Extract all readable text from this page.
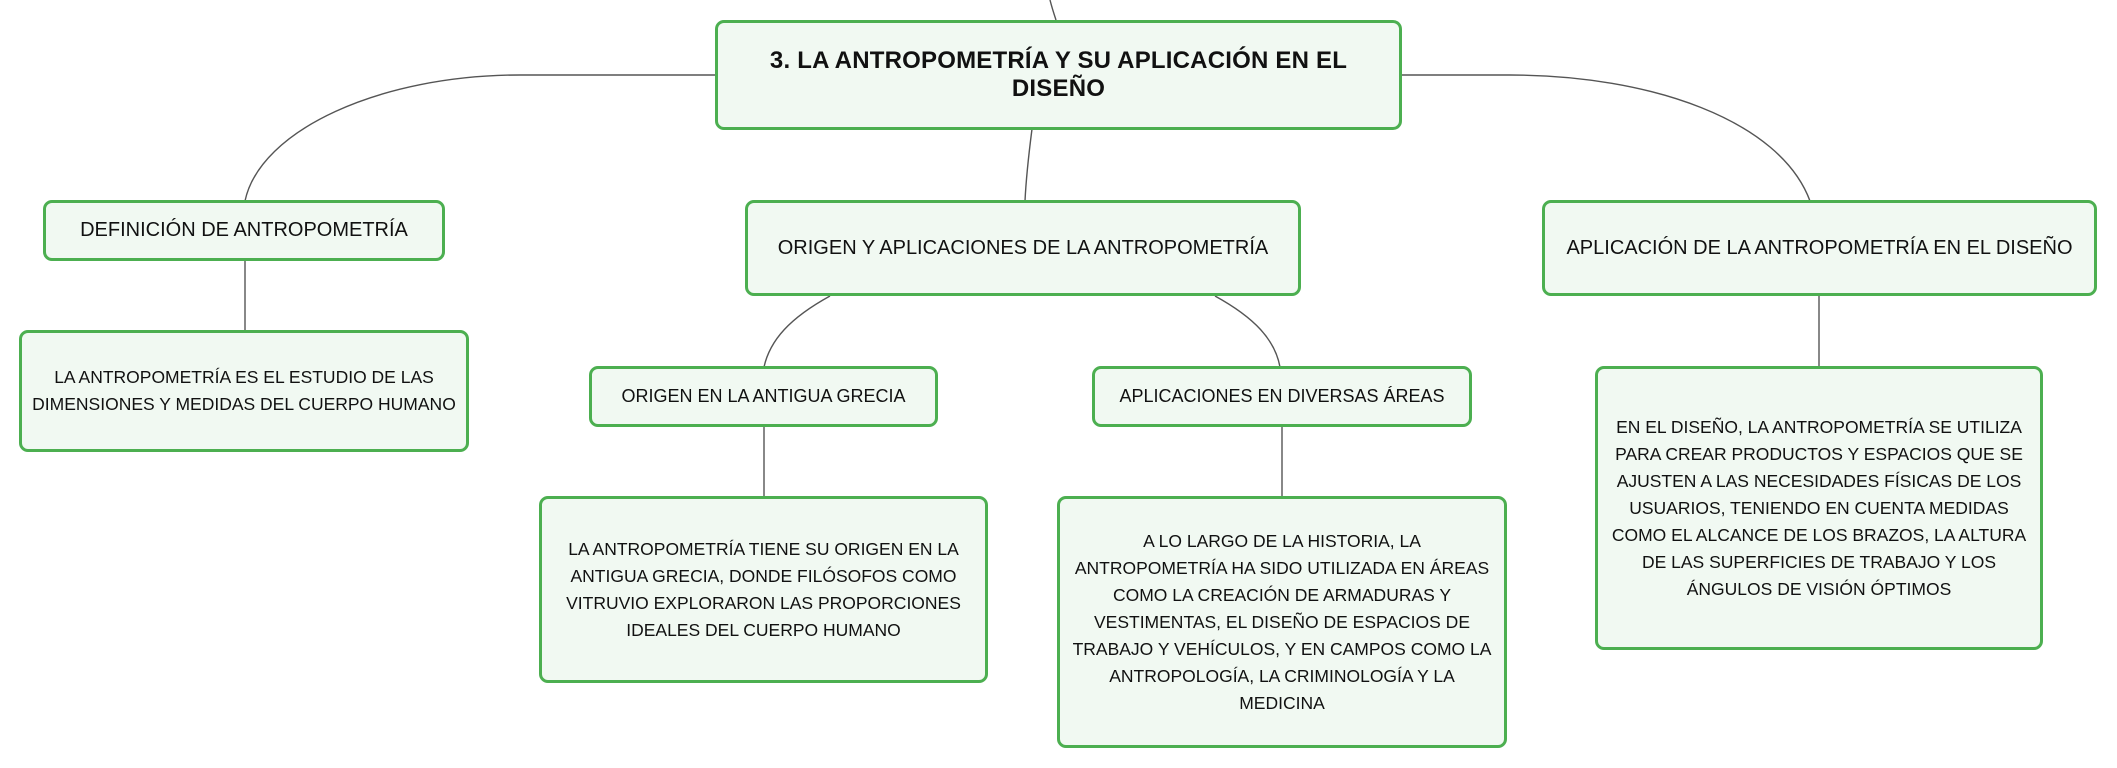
3. LA ANTROPOMETRÍA Y SU APLICACIÓN EN EL DISEÑO
DEFINICIÓN DE ANTROPOMETRÍA
LA ANTROPOMETRÍA ES EL ESTUDIO DE LAS DIMENSIONES Y MEDIDAS DEL CUERPO HUMANO
ORIGEN Y APLICACIONES DE LA ANTROPOMETRÍA
ORIGEN EN LA ANTIGUA GRECIA
LA ANTROPOMETRÍA TIENE SU ORIGEN EN LA ANTIGUA GRECIA, DONDE FILÓSOFOS COMO VITRUVIO EXPLORARON LAS PROPORCIONES IDEALES DEL CUERPO HUMANO
APLICACIONES EN DIVERSAS ÁREAS
A LO LARGO DE LA HISTORIA, LA ANTROPOMETRÍA HA SIDO UTILIZADA EN ÁREAS COMO LA CREACIÓN DE ARMADURAS Y VESTIMENTAS, EL DISEÑO DE ESPACIOS DE TRABAJO Y VEHÍCULOS, Y EN CAMPOS COMO LA ANTROPOLOGÍA, LA CRIMINOLOGÍA Y LA MEDICINA
APLICACIÓN DE LA ANTROPOMETRÍA EN EL DISEÑO
EN EL DISEÑO, LA ANTROPOMETRÍA SE UTILIZA PARA CREAR PRODUCTOS Y ESPACIOS QUE SE AJUSTEN A LAS NECESIDADES FÍSICAS DE LOS USUARIOS, TENIENDO EN CUENTA MEDIDAS COMO EL ALCANCE DE LOS BRAZOS, LA ALTURA DE LAS SUPERFICIES DE TRABAJO Y LOS ÁNGULOS DE VISIÓN ÓPTIMOS
